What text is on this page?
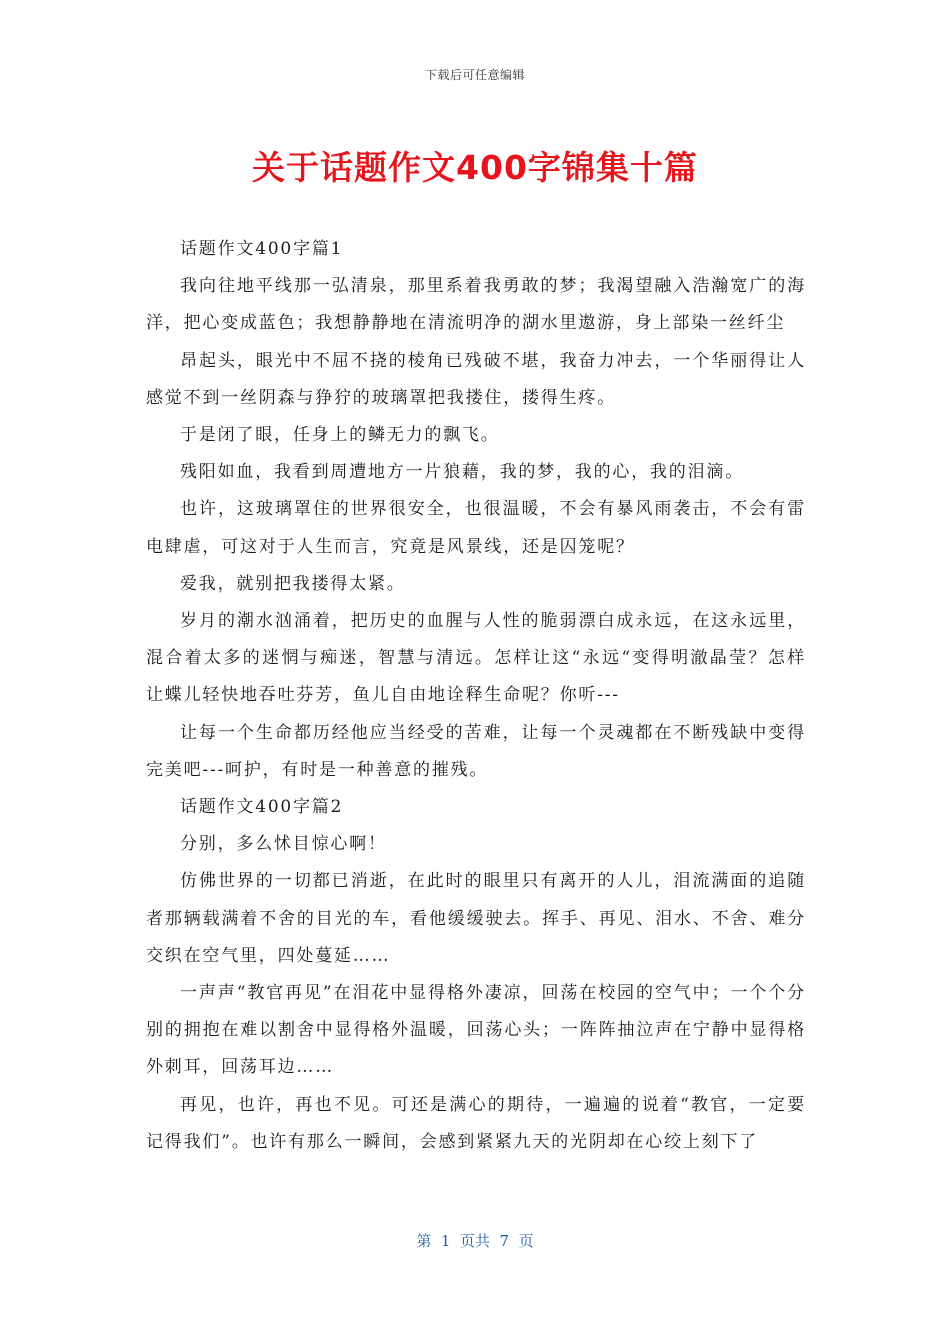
下载后可任意编辑
关于话题作文400字锦集十篇

话题作文400字篇1

我向往地平线那一弘清泉，那里系着我勇敢的梦；我渴望融入浩瀚宽广的海洋，把心变成蓝色；我想静静地在清流明净的湖水里遨游，身上部染一丝纤尘

昂起头，眼光中不屈不挠的棱角已残破不堪，我奋力冲去，一个华丽得让人感觉不到一丝阴森与狰狞的玻璃罩把我搂住，搂得生疼。

于是闭了眼，任身上的鳞无力的飘飞。

残阳如血，我看到周遭地方一片狼藉，我的梦，我的心，我的泪滴。

也许，这玻璃罩住的世界很安全，也很温暖，不会有暴风雨袭击，不会有雷电肆虐，可这对于人生而言，究竟是风景线，还是囚笼呢？

爱我，就别把我搂得太紧。

岁月的潮水汹涌着，把历史的血腥与人性的脆弱漂白成永远，在这永远里，混合着太多的迷惘与痴迷，智慧与清远。怎样让这“永远“变得明澈晶莹？怎样让蝶儿轻快地吞吐芬芳，鱼儿自由地诠释生命呢？你听---

让每一个生命都历经他应当经受的苦难，让每一个灵魂都在不断残缺中变得完美吧---呵护，有时是一种善意的摧残。

话题作文400字篇2

分别，多么怵目惊心啊！

仿佛世界的一切都已消逝，在此时的眼里只有离开的人儿，泪流满面的追随者那辆载满着不舍的目光的车，看他缓缓驶去。挥手、再见、泪水、不舍、难分交织在空气里，四处蔓延……

一声声“教官再见”在泪花中显得格外凄凉，回荡在校园的空气中；一个个分别的拥抱在难以割舍中显得格外温暖，回荡心头；一阵阵抽泣声在宁静中显得格外刺耳，回荡耳边……

再见，也许，再也不见。可还是满心的期待，一遍遍的说着“教官，一定要记得我们”。也许有那么一瞬间，会感到紧紧九天的光阴却在心绞上刻下了

第  1  页共  7  页
